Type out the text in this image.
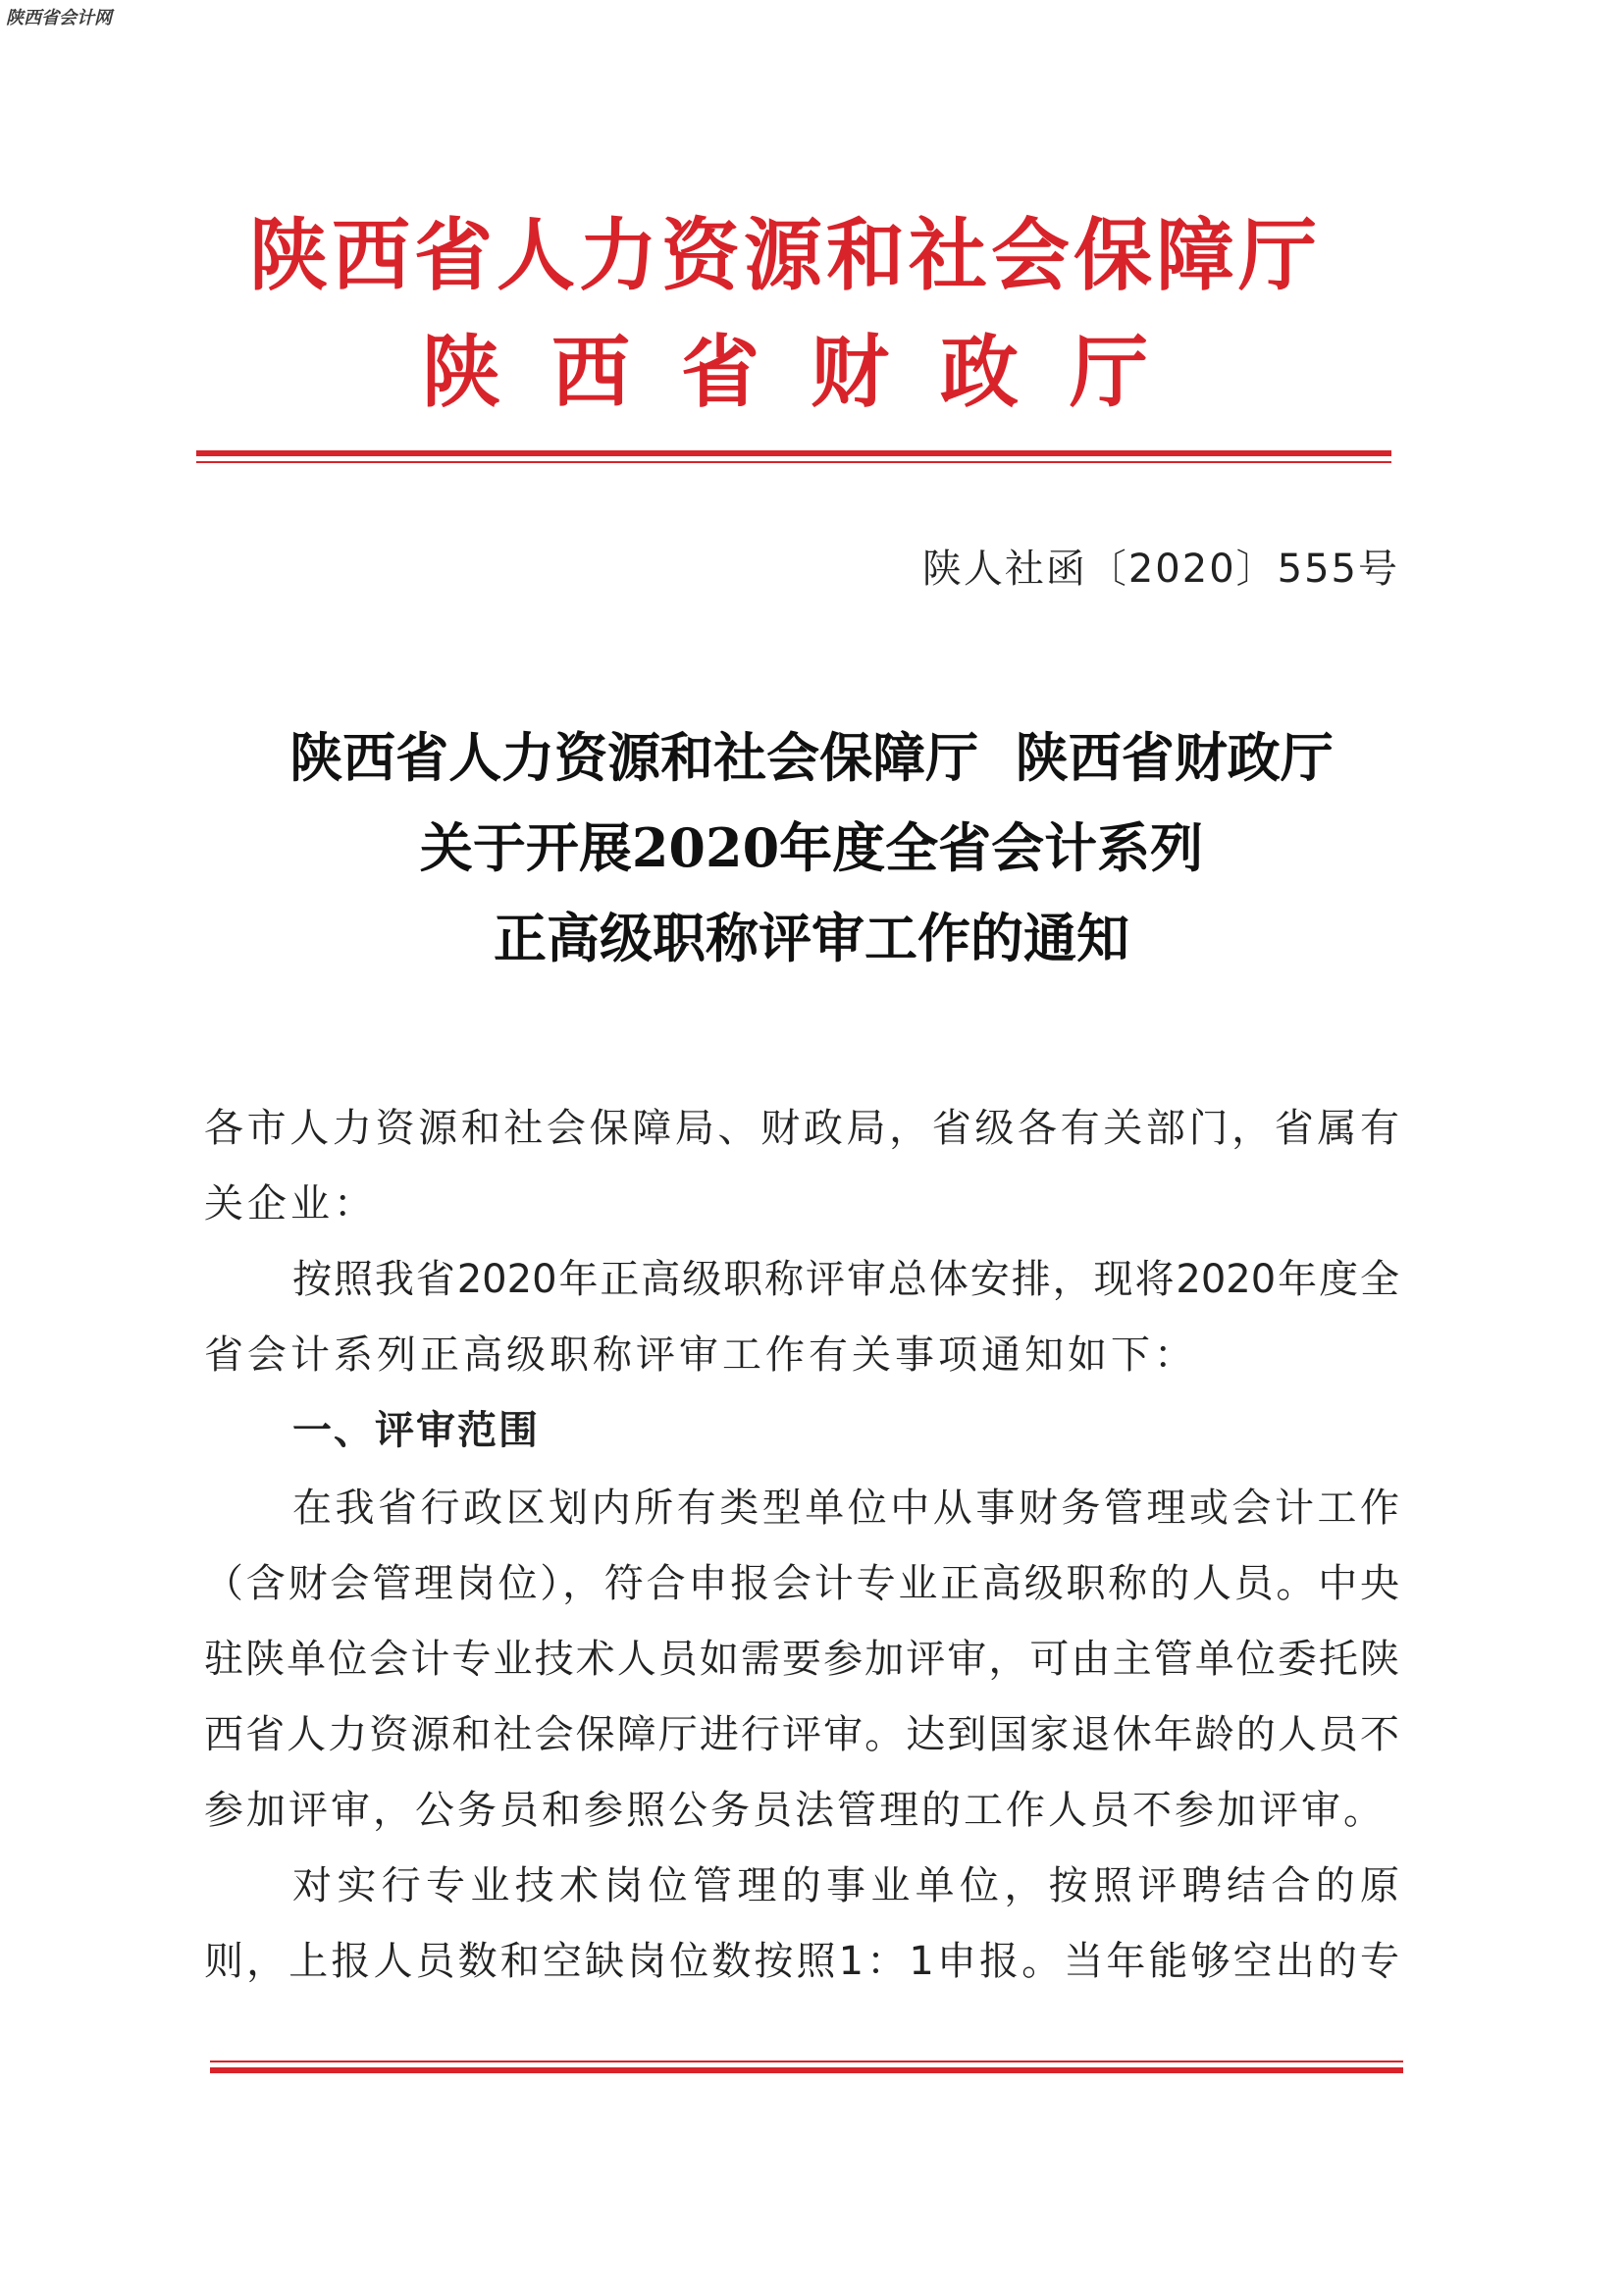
陕西省会计网
陕西省人力资源和社会保障厅
陕西省财政厅
陕人社函〔2020〕555号
陕西省人力资源和社会保障厅  陕西省财政厅
关于开展2020年度全省会计系列
正高级职称评审工作的通知
各市人力资源和社会保障局、财政局，省级各有关部门，省属有
关企业：
按照我省2020年正高级职称评审总体安排，现将2020年度全
省会计系列正高级职称评审工作有关事项通知如下：
一、评审范围
在我省行政区划内所有类型单位中从事财务管理或会计工作
（含财会管理岗位），符合申报会计专业正高级职称的人员。中央
驻陕单位会计专业技术人员如需要参加评审，可由主管单位委托陕
西省人力资源和社会保障厅进行评审。达到国家退休年龄的人员不
参加评审，公务员和参照公务员法管理的工作人员不参加评审。
对实行专业技术岗位管理的事业单位，按照评聘结合的原
则，上报人员数和空缺岗位数按照1：1申报。当年能够空出的专
